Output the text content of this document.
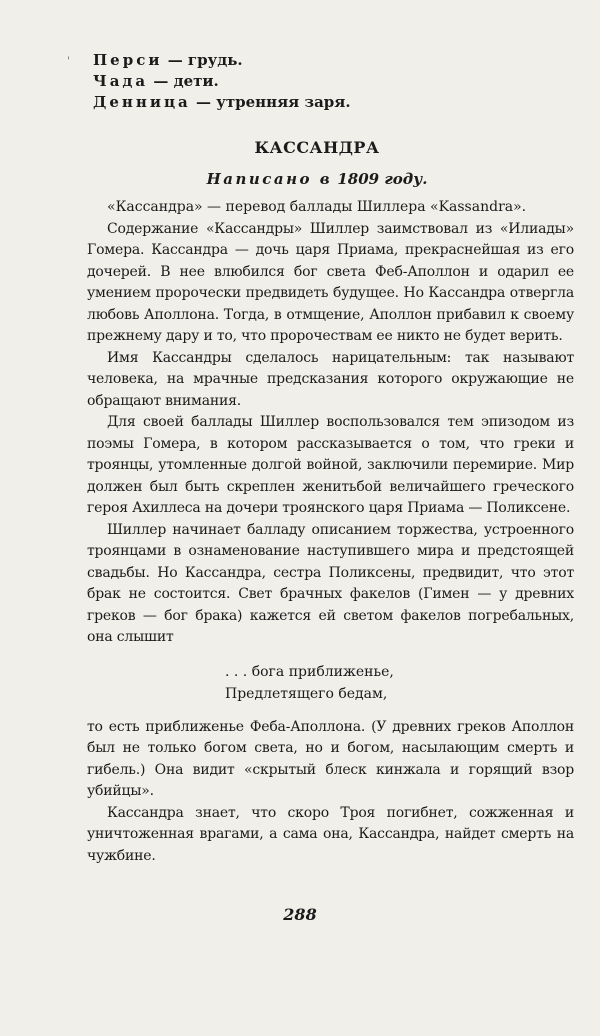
' Перси — грудь.
Чада — дети.
Денница — утренняя заря.
КАССАНДРА
Написано в 1809 году.

«Кассандра» — перевод баллады Шиллера «Kassandra».

Содержание «Кассандры» Шиллер заимствовал из «Илиады» Гомера. Кассандра — дочь царя Приама, прекраснейшая из его дочерей. В нее влюбился бог света Феб-Аполлон и одарил ее умением пророчески предвидеть будущее. Но Кассандра отвергла любовь Аполлона. Тогда, в отмщение, Аполлон прибавил к своему прежнему дару и то, что пророчествам ее никто не будет верить.

Имя Кассандры сделалось нарицательным: так называют человека, на мрачные предсказания которого окружающие не обращают внимания.

Для своей баллады Шиллер воспользовался тем эпизодом из поэмы Гомера, в котором рассказывается о том, что греки и троянцы, утомленные долгой войной, заключили перемирие. Мир должен был быть скреплен женитьбой величайшего греческого героя Ахиллеса на дочери троянского царя Приама — Поликсене.

Шиллер начинает балладу описанием торжества, устроенного троянцами в ознаменование наступившего мира и предстоящей свадьбы. Но Кассандра, сестра Поликсены, предвидит, что этот брак не состоится. Свет брачных факелов (Гимен — у древних греков — бог брака) кажется ей светом факелов погребальных, она слышит

. . . бога приближенье,
Предлетящего бедам,

то есть приближенье Феба-Аполлона. (У древних греков Аполлон был не только богом света, но и богом, насылающим смерть и гибель.) Она видит «скрытый блеск кинжала и горящий взор убийцы».

Кассандра знает, что скоро Троя погибнет, сожженная и уничтоженная врагами, а сама она, Кассандра, найдет смерть на чужбине.

288
